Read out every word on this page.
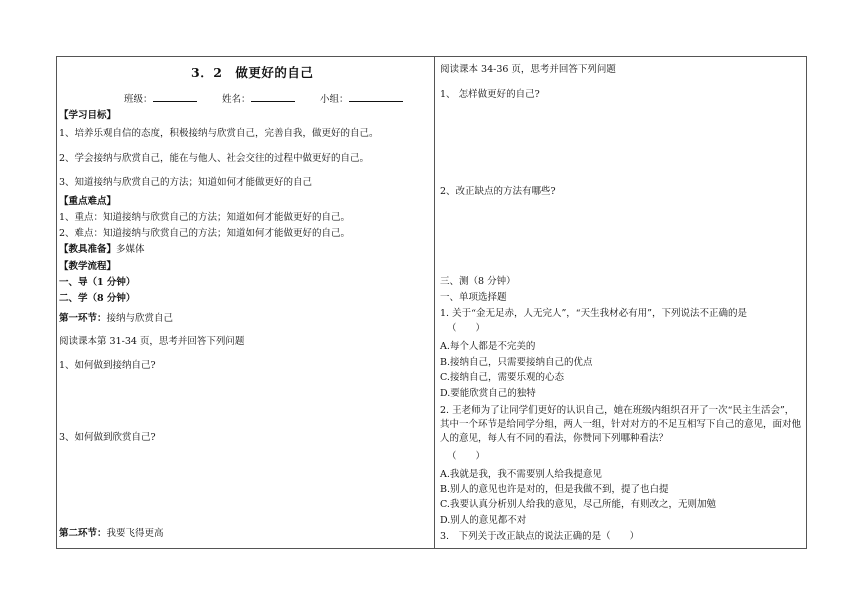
3．2　做更好的自己
班级：	姓名：	小组：
【学习目标】
1、培养乐观自信的态度，积极接纳与欣赏自己，完善自我，做更好的自己。
2、学会接纳与欣赏自己，能在与他人、社会交往的过程中做更好的自己。
3、知道接纳与欣赏自己的方法；知道如何才能做更好的自己
【重点难点】
1、重点：知道接纳与欣赏自己的方法；知道如何才能做更好的自己。
2、难点：知道接纳与欣赏自己的方法；知道如何才能做更好的自己。
【教具准备】多媒体
【教学流程】
一、导（1 分钟）
二、学（8 分钟）
第一环节：接纳与欣赏自己
阅读课本第 31-34 页，思考并回答下列问题
1、如何做到接纳自己?
3、如何做到欣赏自己?
第二环节：我要飞得更高
阅读课本 34-36 页，思考并回答下列问题
1、 怎样做更好的自己?
2、改正缺点的方法有哪些?
三、测（8 分钟）
一、单项选择题
1. 关于“金无足赤，人无完人”，“天生我材必有用”，下列说法不正确的是
（　　）
A.每个人都是不完美的
B.接纳自己，只需要接纳自己的优点
C.接纳自己，需要乐观的心态
D.要能欣赏自己的独特
2. 王老师为了让同学们更好的认识自己，她在班级内组织召开了一次“民主生活会”，其中一个环节是给同学分组，两人一组，针对对方的不足互相写下自己的意见，面对他人的意见，每人有不同的看法，你赞同下列哪种看法？
（　　）
A.我就是我，我不需要别人给我提意见
B.别人的意见也许是对的，但是我做不到，提了也白提
C.我要认真分析别人给我的意见，尽己所能，有则改之，无则加勉
D.别人的意见都不对
3.　下列关于改正缺点的说法正确的是（　　）
